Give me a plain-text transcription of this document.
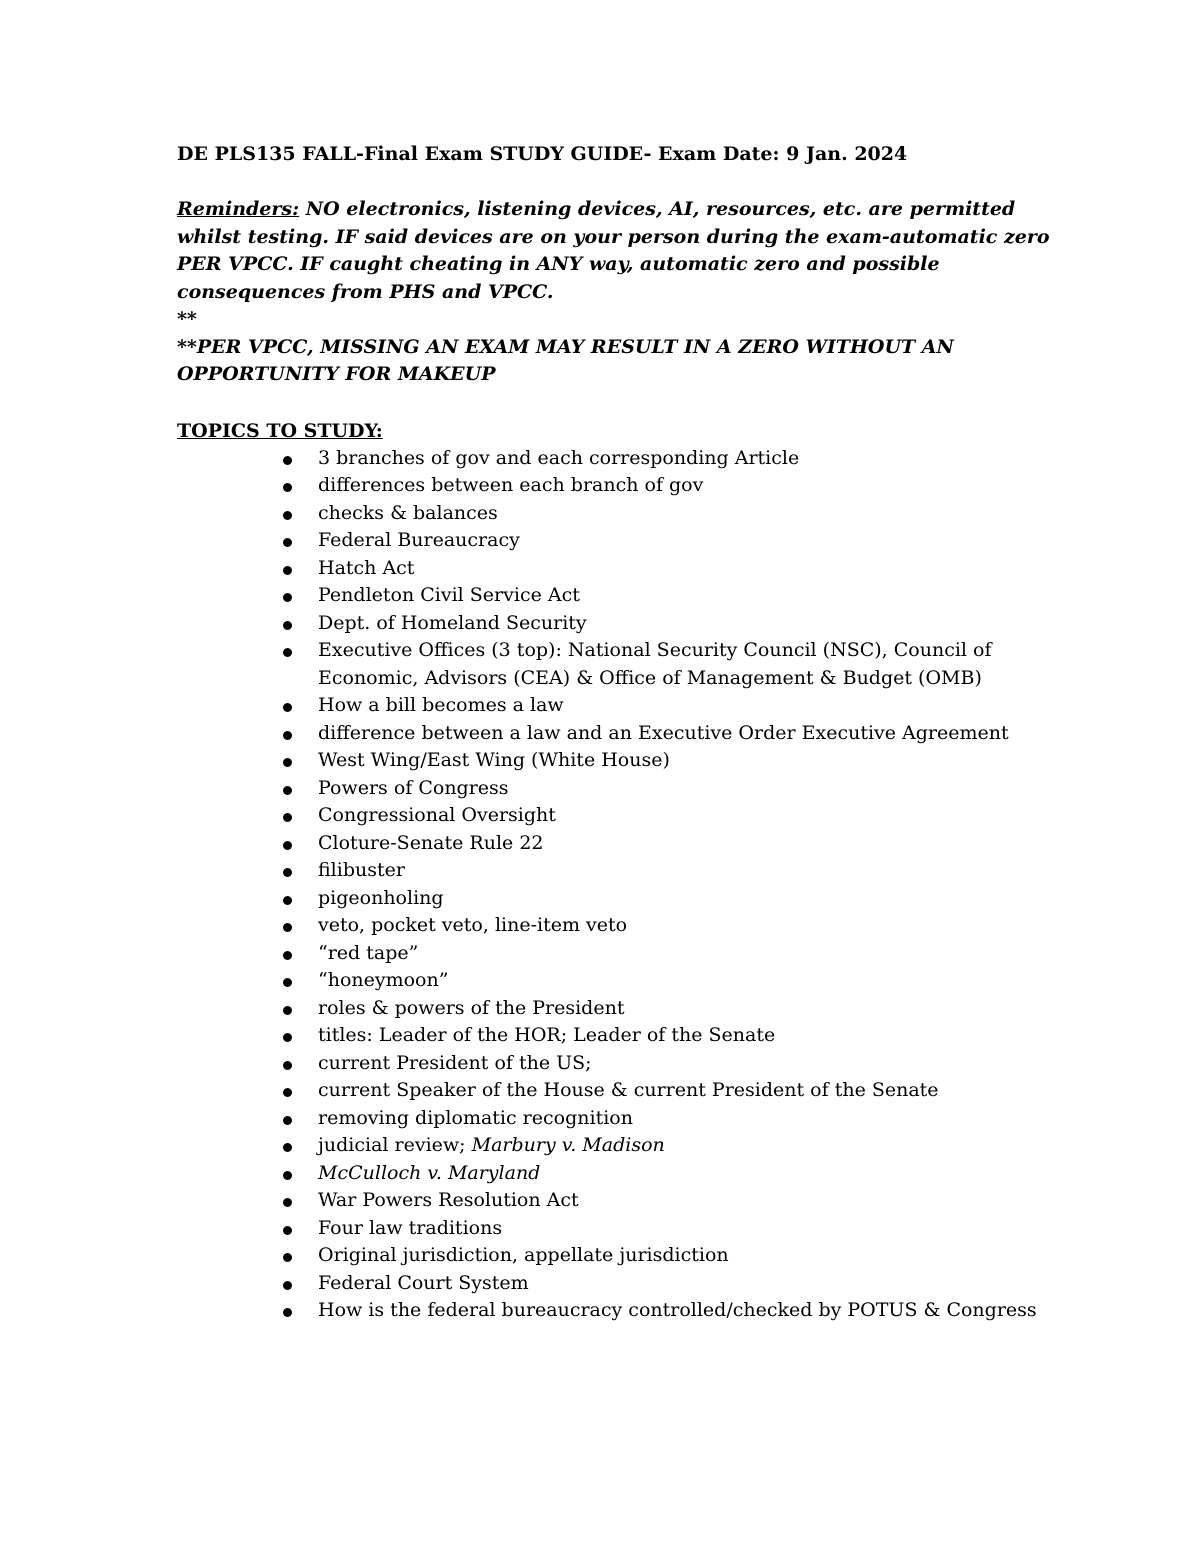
DE PLS135 FALL-Final Exam STUDY GUIDE- Exam Date: 9 Jan. 2024

Reminders: NO electronics, listening devices, AI, resources, etc. are permitted whilst testing. IF said devices are on your person during the exam-automatic zero PER VPCC. IF caught cheating in ANY way, automatic zero and possible consequences from PHS and VPCC.

**

**PER VPCC, MISSING AN EXAM MAY RESULT IN A ZERO WITHOUT AN OPPORTUNITY FOR MAKEUP

TOPICS TO STUDY:

3 branches of gov and each corresponding Article
differences between each branch of gov
checks & balances
Federal Bureaucracy
Hatch Act
Pendleton Civil Service Act
Dept. of Homeland Security
Executive Offices (3 top): National Security Council (NSC), Council of Economic, Advisors (CEA) & Office of Management & Budget (OMB)
How a bill becomes a law
difference between a law and an Executive Order Executive Agreement
West Wing/East Wing (White House)
Powers of Congress
Congressional Oversight
Cloture-Senate Rule 22
filibuster
pigeonholing
veto, pocket veto, line-item veto
“red tape”
“honeymoon”
roles & powers of the President
titles: Leader of the HOR; Leader of the Senate
current President of the US;
current Speaker of the House & current President of the Senate
removing diplomatic recognition
judicial review; Marbury v. Madison
McCulloch v. Maryland
War Powers Resolution Act
Four law traditions
Original jurisdiction, appellate jurisdiction
Federal Court System
How is the federal bureaucracy controlled/checked by POTUS & Congress
